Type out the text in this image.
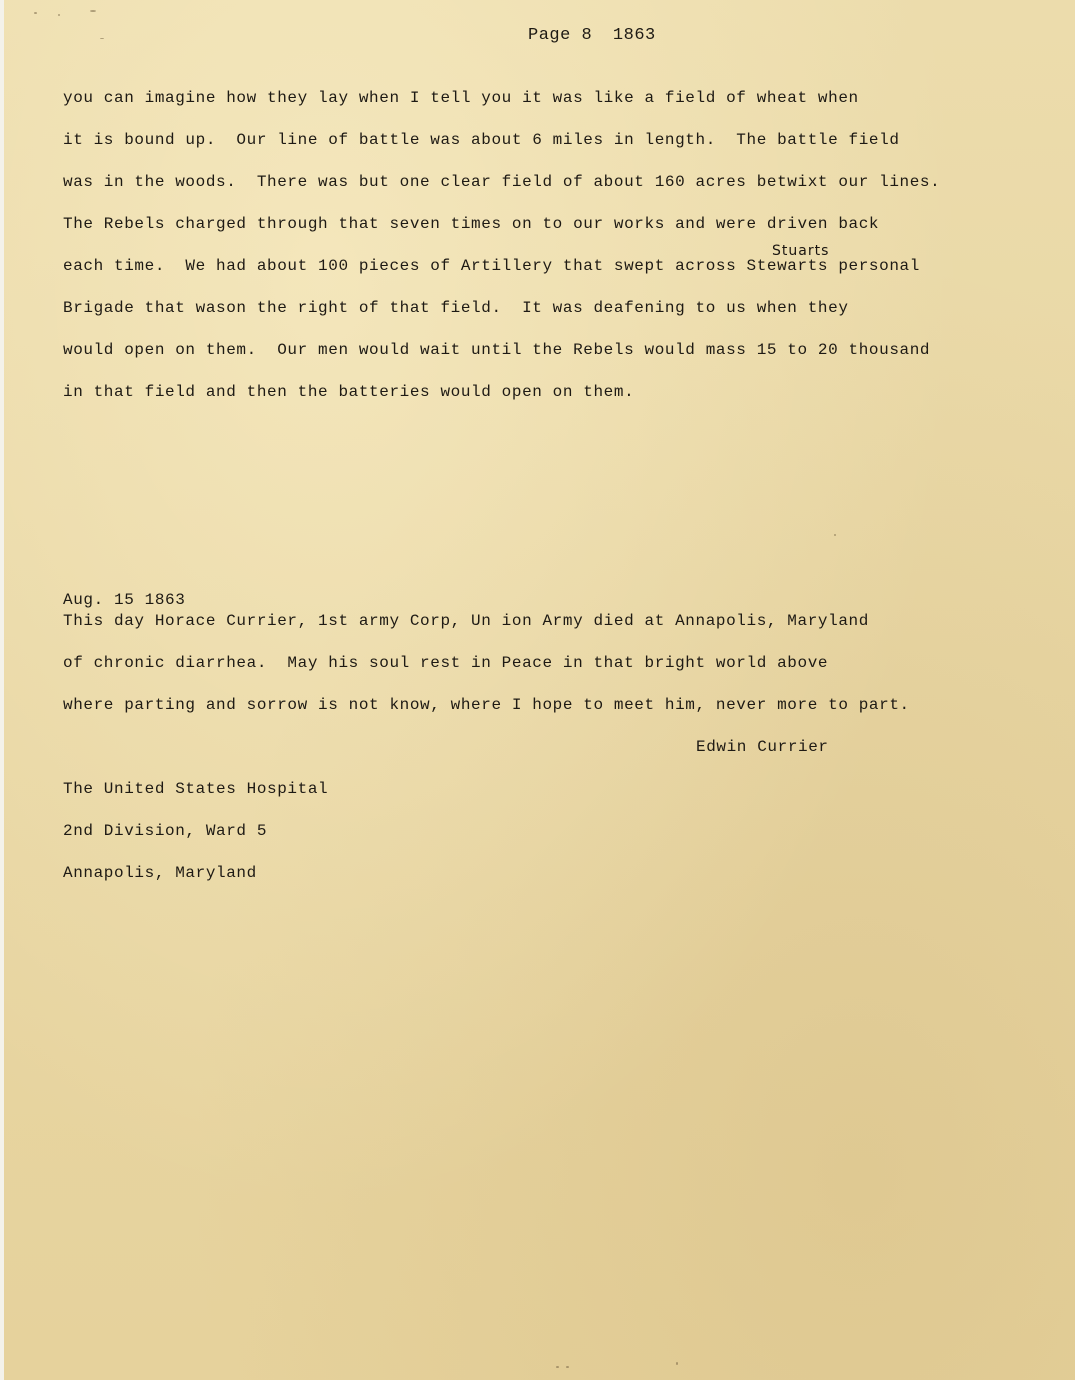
Page 8 1863
you can imagine how they lay when I tell you it was like a field of wheat when
it is bound up.  Our line of battle was about 6 miles in length.  The battle field
was in the woods.  There was but one clear field of about 160 acres betwixt our lines.
The Rebels charged through that seven times on to our works and were driven back
each time.  We had about 100 pieces of Artillery that swept across Stewarts personal
Brigade that wason the right of that field.  It was deafening to us when they
would open on them.  Our men would wait until the Rebels would mass 15 to 20 thousand
in that field and then the batteries would open on them.
Stuarts
Aug. 15 1863
This day Horace Currier, 1st army Corp, Un ion Army died at Annapolis, Maryland
of chronic diarrhea.  May his soul rest in Peace in that bright world above
where parting and sorrow is not know, where I hope to meet him, never more to part.
Edwin Currier
The United States Hospital
2nd Division, Ward 5
Annapolis, Maryland
